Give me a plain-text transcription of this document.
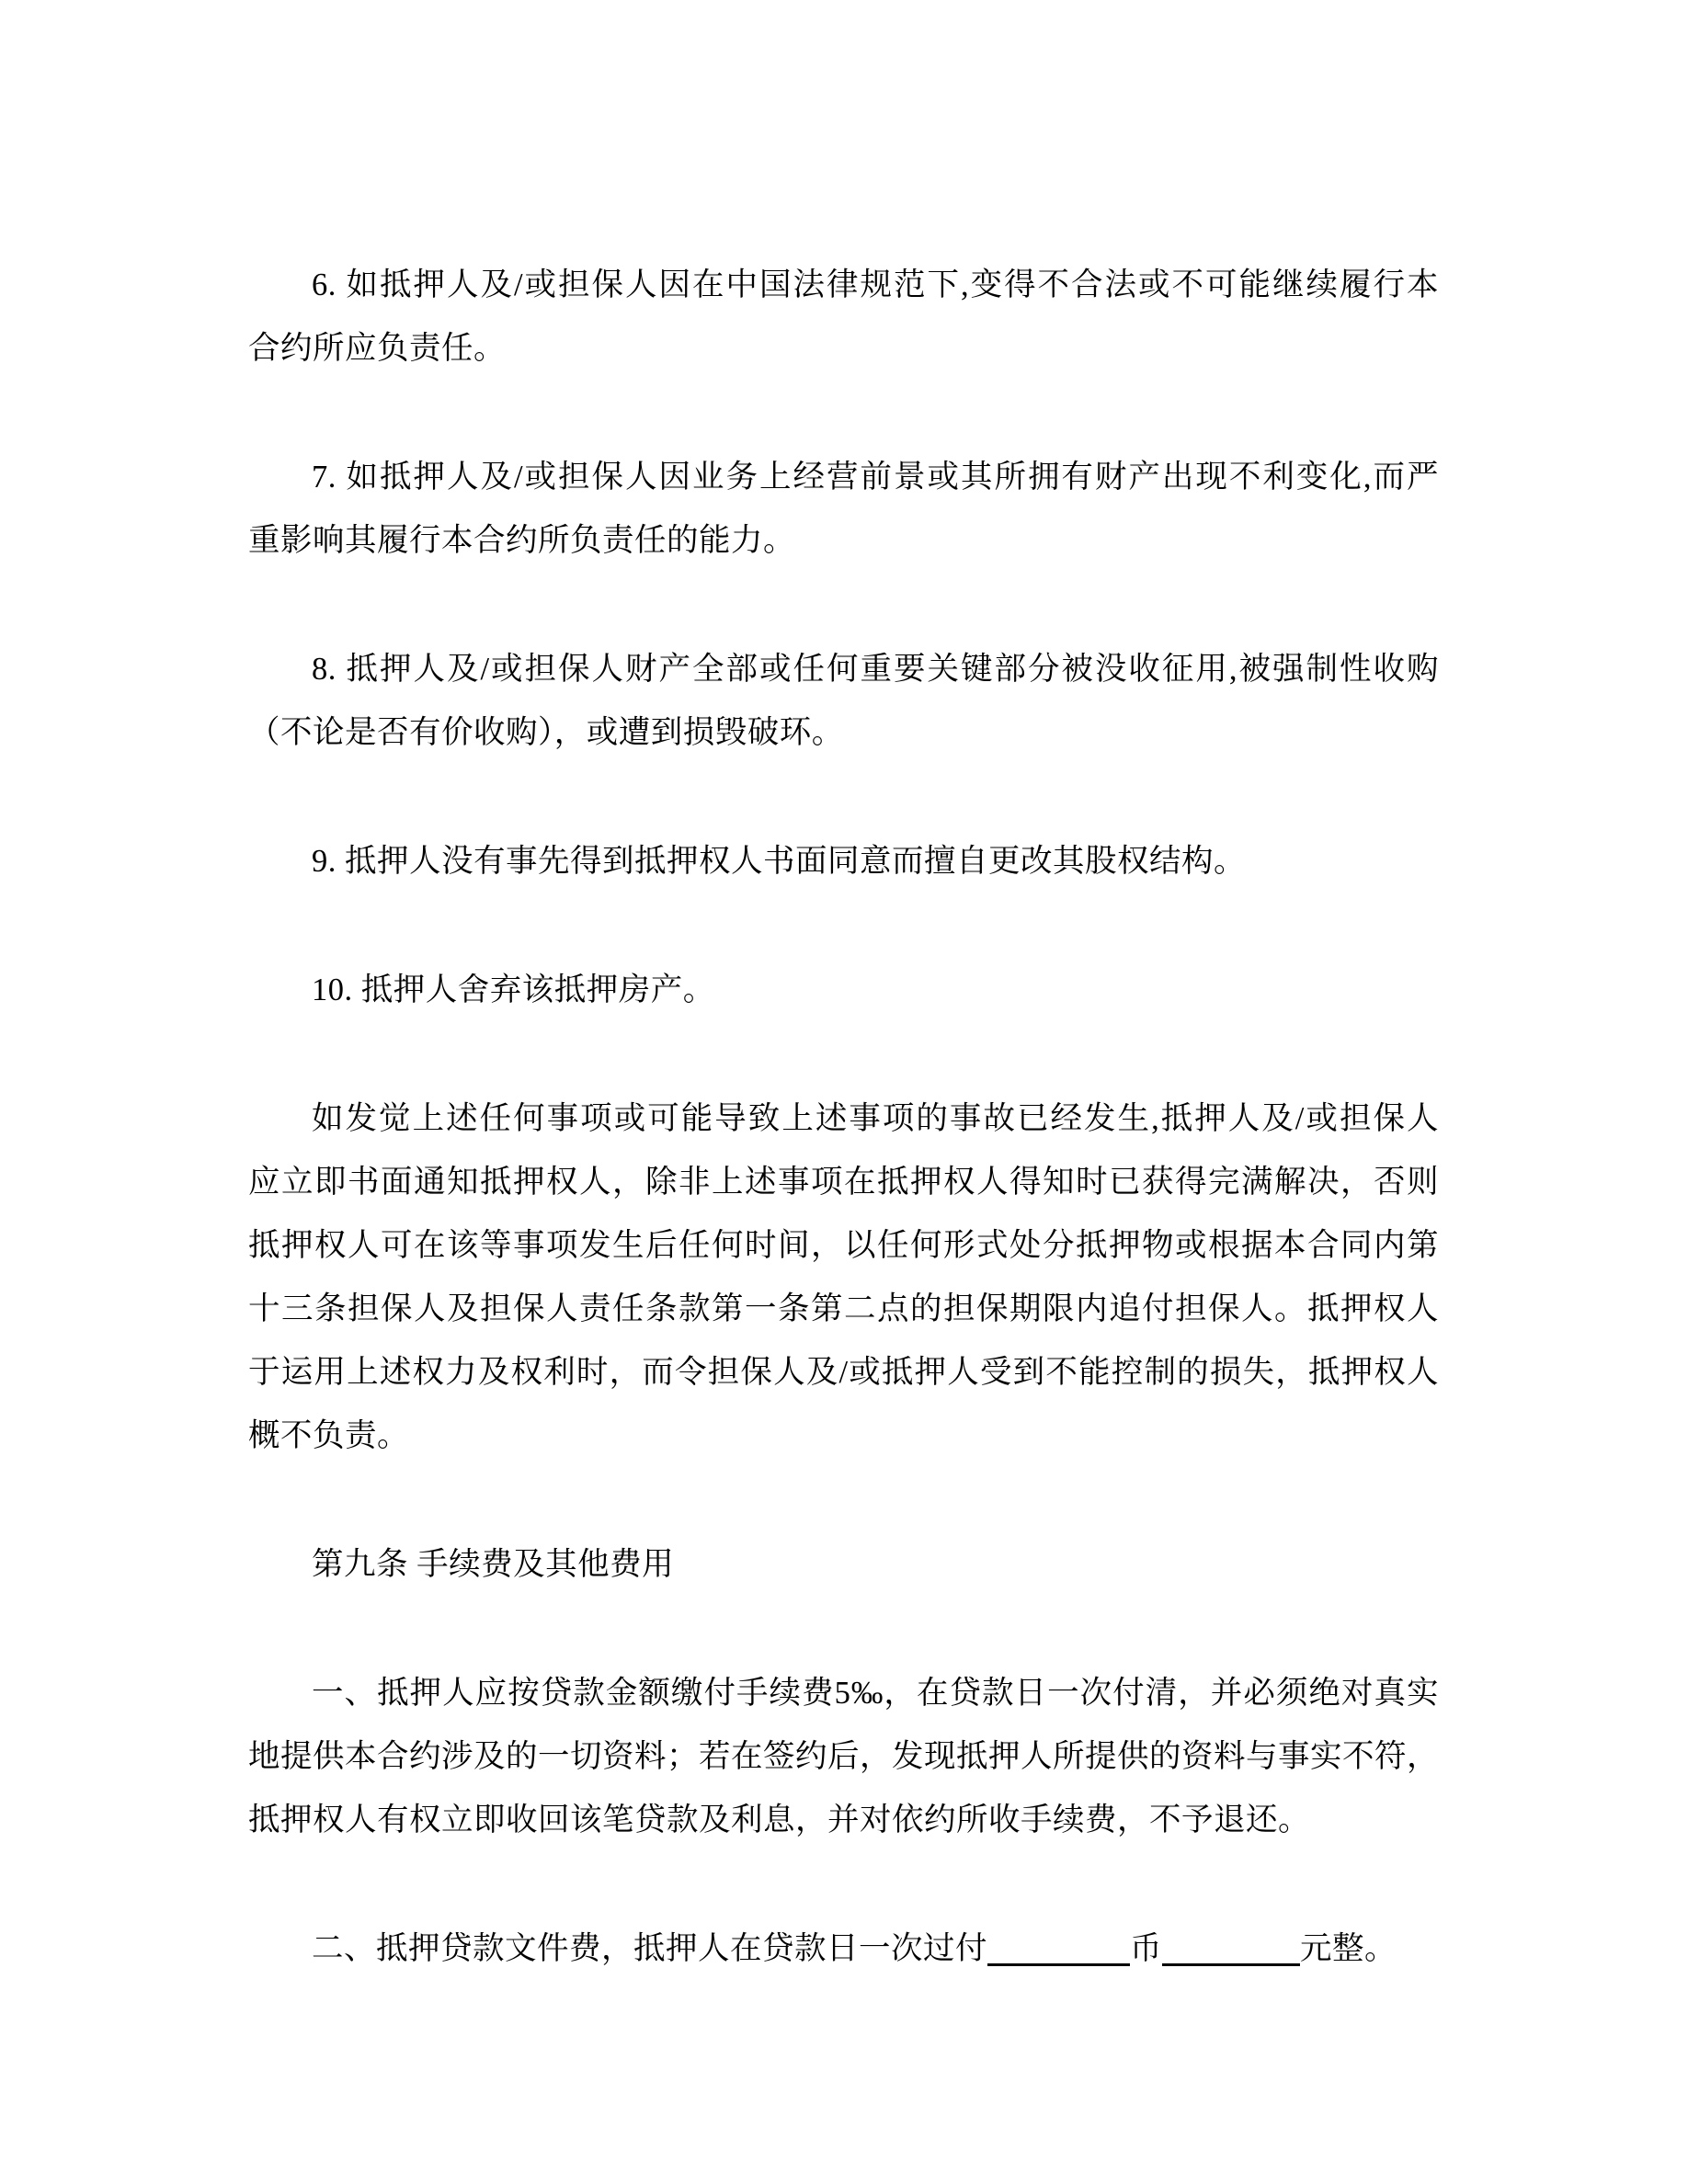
6. 如抵押人及/或担保人因在中国法律规范下,变得不合法或不可能继续履行本
合约所应负责任。
7. 如抵押人及/或担保人因业务上经营前景或其所拥有财产出现不利变化,而严
重影响其履行本合约所负责任的能力。
8. 抵押人及/或担保人财产全部或任何重要关键部分被没收征用,被强制性收购
（不论是否有价收购），或遭到损毁破环。
9. 抵押人没有事先得到抵押权人书面同意而擅自更改其股权结构。
10. 抵押人舍弃该抵押房产。
如发觉上述任何事项或可能导致上述事项的事故已经发生,抵押人及/或担保人
应立即书面通知抵押权人，除非上述事项在抵押权人得知时已获得完满解决，否则
抵押权人可在该等事项发生后任何时间，以任何形式处分抵押物或根据本合同内第
十三条担保人及担保人责任条款第一条第二点的担保期限内追付担保人。抵押权人
于运用上述权力及权利时，而令担保人及/或抵押人受到不能控制的损失，抵押权人
概不负责。
第九条 手续费及其他费用
一、抵押人应按贷款金额缴付手续费5‰，在贷款日一次付清，并必须绝对真实
地提供本合约涉及的一切资料；若在签约后，发现抵押人所提供的资料与事实不符，
抵押权人有权立即收回该笔贷款及利息，并对依约所收手续费，不予退还。
二、抵押贷款文件费，抵押人在贷款日一次过付	币	元整。
